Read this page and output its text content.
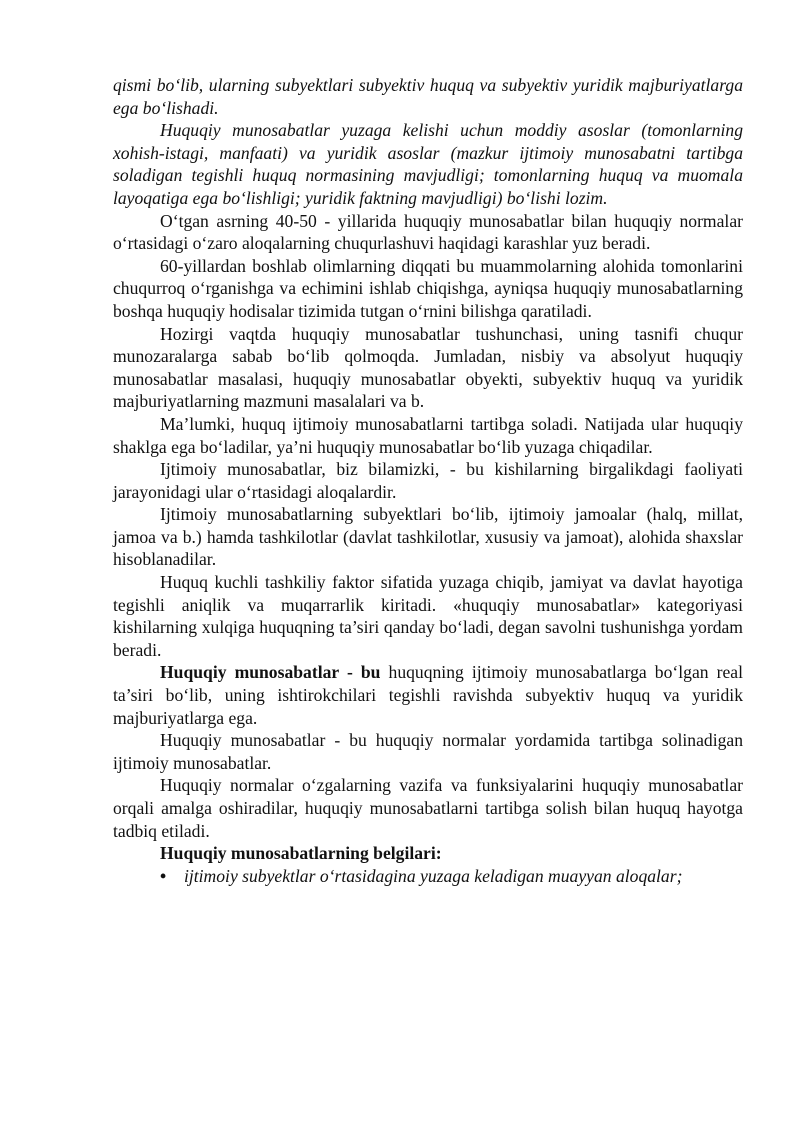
qismi bo‘lib, ularning subyektlari subyektiv huquq va subyektiv yuridik majburiyatlarga ega bo‘lishadi.

Huquqiy munosabatlar yuzaga kelishi uchun moddiy asoslar (tomonlarning xohish-istagi, manfaati) va yuridik asoslar (mazkur ijtimoiy munosabatni tartibga soladigan tegishli huquq normasining mavjudligi; tomonlarning huquq va muomala layoqatiga ega bo‘lishligi; yuridik faktning mavjudligi) bo‘lishi lozim.

O‘tgan asrning 40-50 - yillarida huquqiy munosabatlar bilan huquqiy normalar o‘rtasidagi o‘zaro aloqalarning chuqurlashuvi haqidagi karashlar yuz beradi.

60-yillardan boshlab olimlarning diqqati bu muammolarning alohida tomonlarini chuqurroq o‘rganishga va echimini ishlab chiqishga, ayniqsa huquqiy munosabatlarning boshqa huquqiy hodisalar tizimida tutgan o‘rnini bilishga qaratiladi.

Hozirgi vaqtda huquqiy munosabatlar tushunchasi, uning tasnifi chuqur munozaralarga sabab bo‘lib qolmoqda. Jumladan, nisbiy va absolyut huquqiy munosabatlar masalasi, huquqiy munosabatlar obyekti, subyektiv huquq va yuridik majburiyatlarning mazmuni masalalari va b.

Ma’lumki, huquq ijtimoiy munosabatlarni tartibga soladi. Natijada ular huquqiy shaklga ega bo‘ladilar, ya’ni huquqiy munosabatlar bo‘lib yuzaga chiqadilar.

Ijtimoiy munosabatlar, biz bilamizki, - bu kishilarning birgalikdagi faoliyati jarayonidagi ular o‘rtasidagi aloqalardir.

Ijtimoiy munosabatlarning subyektlari bo‘lib, ijtimoiy jamoalar (halq, millat, jamoa va b.) hamda tashkilotlar (davlat tashkilotlar, xususiy va jamoat), alohida shaxslar hisoblanadilar.

Huquq kuchli tashkiliy faktor sifatida yuzaga chiqib, jamiyat va davlat hayotiga tegishli aniqlik va muqarrarlik kiritadi. «huquqiy munosabatlar» kategoriyasi kishilarning xulqiga huquqning ta’siri qanday bo‘ladi, degan savolni tushunishga yordam beradi.

Huquqiy munosabatlar - bu huquqning ijtimoiy munosabatlarga bo‘lgan real ta’siri bo‘lib, uning ishtirokchilari tegishli ravishda subyektiv huquq va yuridik majburiyatlarga ega.

Huquqiy munosabatlar - bu huquqiy normalar yordamida tartibga solinadigan ijtimoiy munosabatlar.

Huquqiy normalar o‘zgalarning vazifa va funksiyalarini huquqiy munosabatlar orqali amalga oshiradilar, huquqiy munosabatlarni tartibga solish bilan huquq hayotga tadbiq etiladi.

Huquqiy munosabatlarning belgilari:

• ijtimoiy subyektlar o‘rtasidagina yuzaga keladigan muayyan aloqalar;
